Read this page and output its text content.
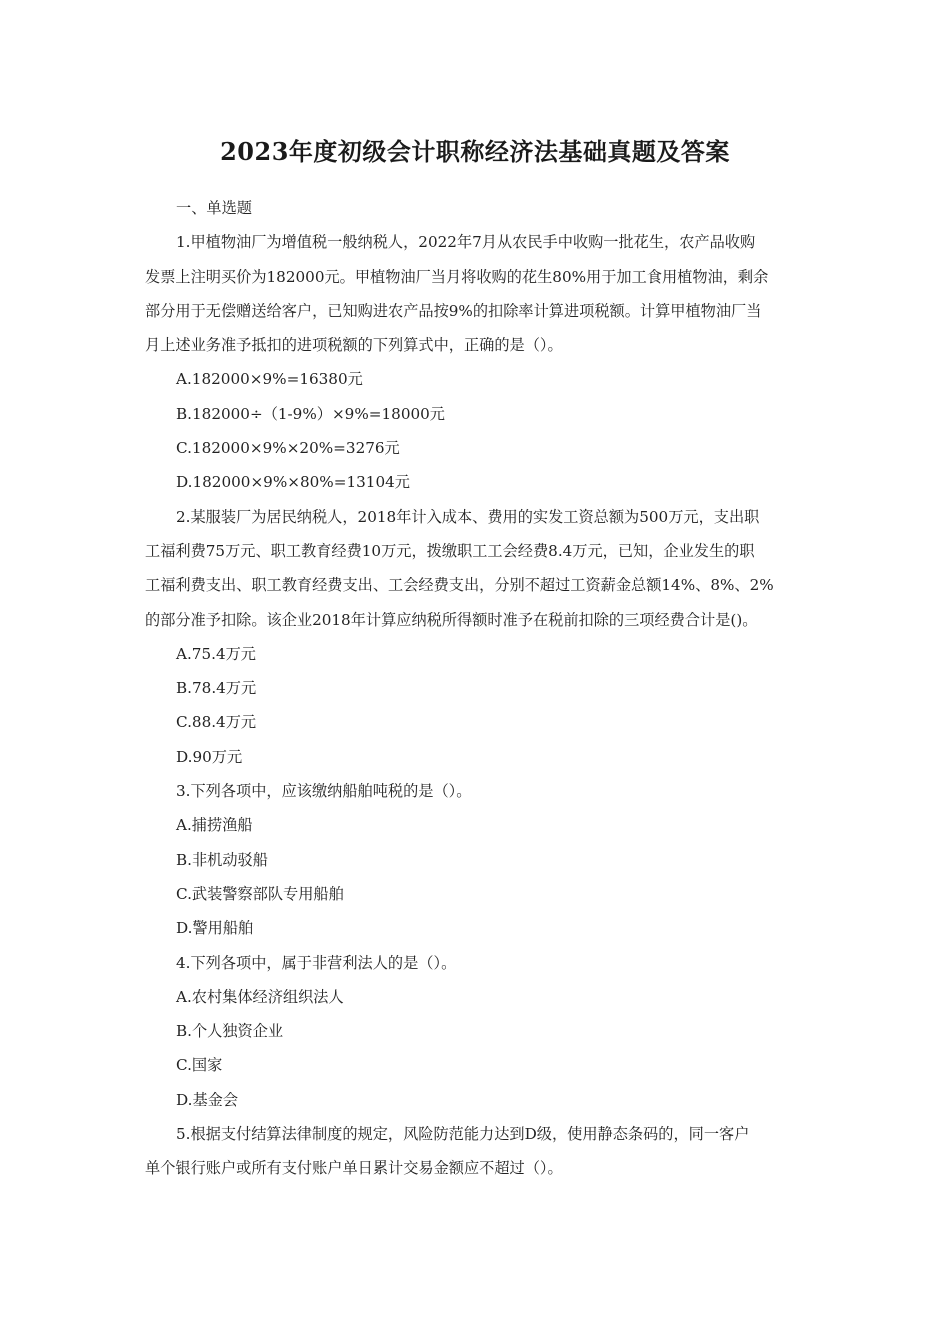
2023年度初级会计职称经济法基础真题及答案
一、单选题
1.甲植物油厂为增值税一般纳税人，2022年7月从农民手中收购一批花生，农产品收购
发票上注明买价为182000元。甲植物油厂当月将收购的花生80%用于加工食用植物油，剩余
部分用于无偿赠送给客户，已知购进农产品按9%的扣除率计算进项税额。计算甲植物油厂当
月上述业务准予抵扣的进项税额的下列算式中，正确的是（）。
A.182000×9%=16380元
B.182000÷（1-9%）×9%=18000元
C.182000×9%×20%=3276元
D.182000×9%×80%=13104元
2.某服装厂为居民纳税人，2018年计入成本、费用的实发工资总额为500万元，支出职
工福利费75万元、职工教育经费10万元，拨缴职工工会经费8.4万元，已知，企业发生的职
工福利费支出、职工教育经费支出、工会经费支出，分别不超过工资薪金总额14%、8%、2%
的部分准予扣除。该企业2018年计算应纳税所得额时准予在税前扣除的三项经费合计是()。
A.75.4万元
B.78.4万元
C.88.4万元
D.90万元
3.下列各项中，应该缴纳船舶吨税的是（）。
A.捕捞渔船
B.非机动驳船
C.武装警察部队专用船舶
D.警用船舶
4.下列各项中，属于非营利法人的是（）。
A.农村集体经济组织法人
B.个人独资企业
C.国家
D.基金会
5.根据支付结算法律制度的规定，风险防范能力达到D级，使用静态条码的，同一客户
单个银行账户或所有支付账户单日累计交易金额应不超过（）。
